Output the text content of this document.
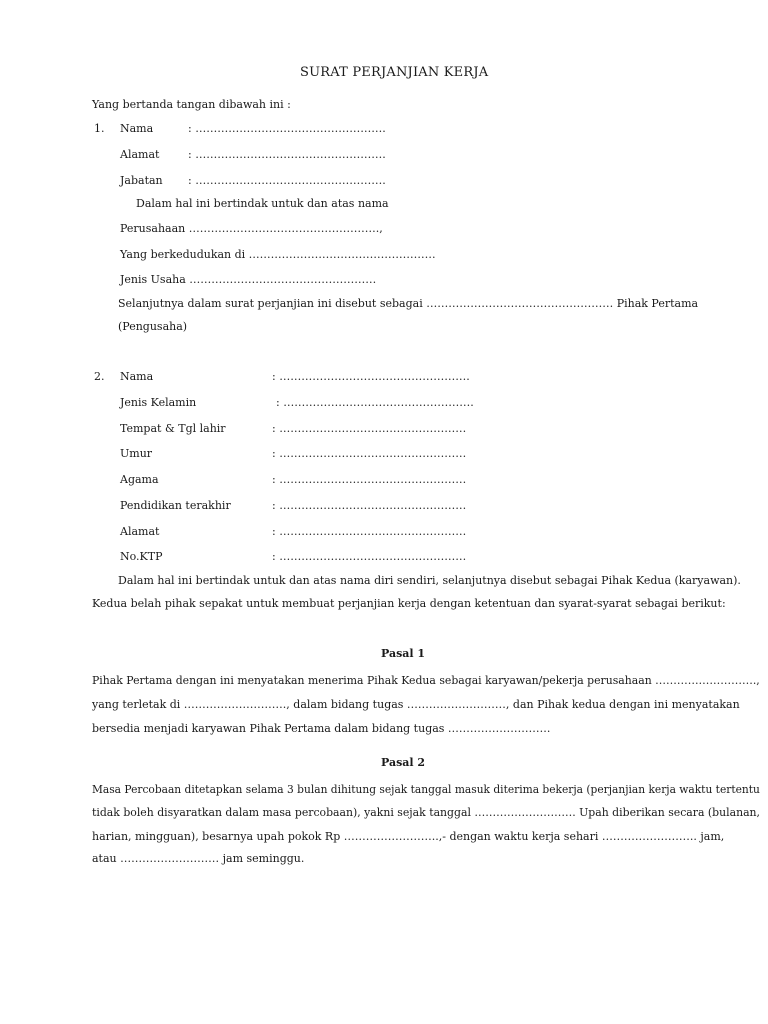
SURAT PERJANJIAN KERJA
Yang bertanda tangan dibawah ini :
1. Nama	: …………………………………………….
Alamat	: …………………………………………….
Jabatan : …………………………………………….
Dalam hal ini bertindak untuk dan atas nama
Perusahaan …………………………………………….,
Yang berkedudukan di ……………………………………………
Jenis Usaha ……………………………………………
Selanjutnya dalam surat perjanjian ini disebut sebagai …………………………………………… Pihak Pertama
(Pengusaha)
2. Nama	: …………………………………………….
Jenis Kelamin	: …………………………………………….
Tempat & Tgl lahir	: ……………………………………………
Umur	: ……………………………………………
Agama	: ……………………………………………
Pendidikan terakhir	: ……………………………………………
Alamat	: ……………………………………………
No.KTP	: ……………………………………………
Dalam hal ini bertindak untuk dan atas nama diri sendiri, selanjutnya disebut sebagai Pihak Kedua (karyawan).
Kedua belah pihak sepakat untuk membuat perjanjian kerja dengan ketentuan dan syarat-syarat sebagai berikut:
Pasal 1
Pihak Pertama dengan ini menyatakan menerima Pihak Kedua sebagai karyawan/pekerja perusahaan ……………………….,
yang terletak di ………………………., dalam bidang tugas ………………………, dan Pihak kedua dengan ini menyatakan
bersedia menjadi karyawan Pihak Pertama dalam bidang tugas ……………………….
Pasal 2
Masa Percobaan ditetapkan selama 3 bulan dihitung sejak tanggal masuk diterima bekerja (perjanjian kerja waktu tertentu
tidak boleh disyaratkan dalam masa percobaan), yakni sejak tanggal ………………………. Upah diberikan secara (bulanan,
harian, mingguan), besarnya upah pokok Rp ……………………..,- dengan waktu kerja sehari …………………….. jam,
atau ……………………… jam seminggu.
